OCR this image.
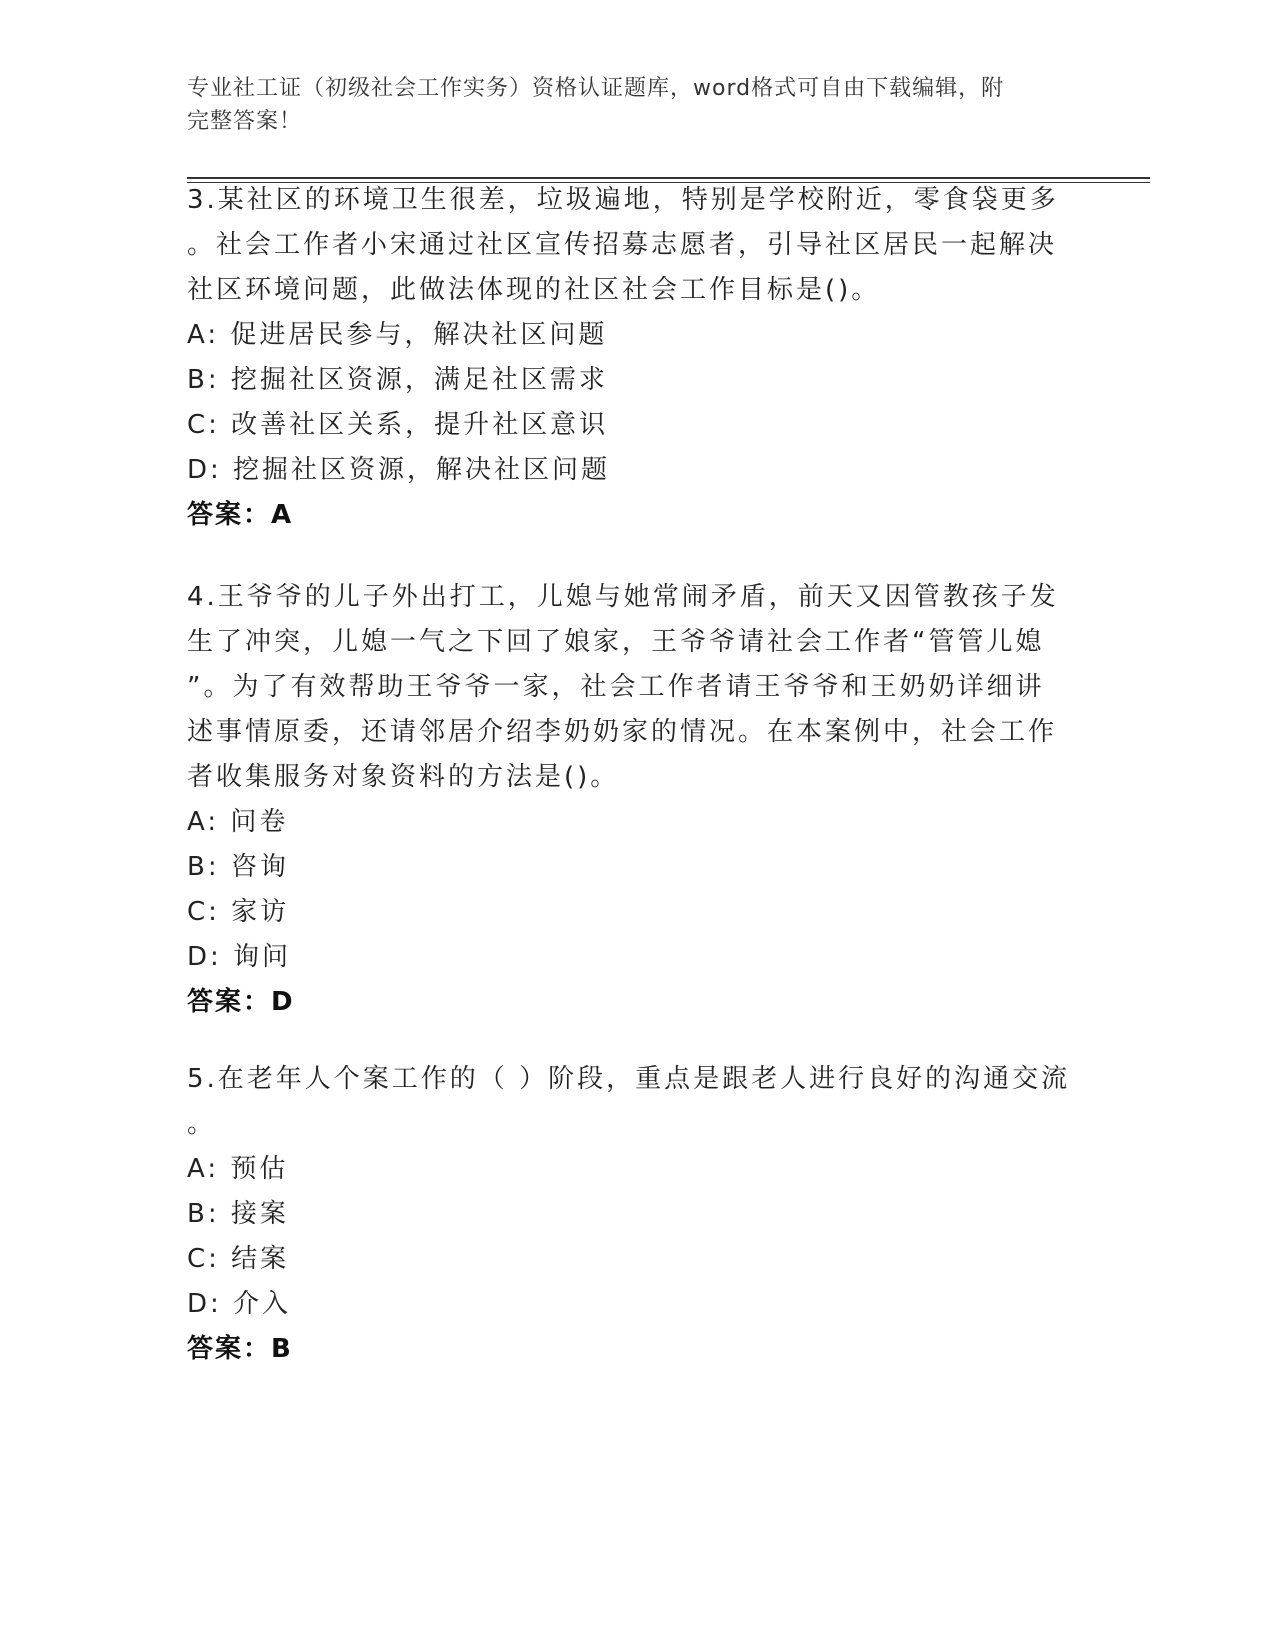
专业社工证（初级社会工作实务）资格认证题库，word格式可自由下载编辑，附
完整答案！

3.某社区的环境卫生很差，垃圾遍地，特别是学校附近，零食袋更多

。社会工作者小宋通过社区宣传招募志愿者，引导社区居民一起解决

社区环境问题，此做法体现的社区社会工作目标是()。

A: 促进居民参与，解决社区问题

B: 挖掘社区资源，满足社区需求

C: 改善社区关系，提升社区意识

D: 挖掘社区资源，解决社区问题

答案：A

4.王爷爷的儿子外出打工，儿媳与她常闹矛盾，前天又因管教孩子发

生了冲突，儿媳一气之下回了娘家，王爷爷请社会工作者“管管儿媳

”。为了有效帮助王爷爷一家，社会工作者请王爷爷和王奶奶详细讲

述事情原委，还请邻居介绍李奶奶家的情况。在本案例中，社会工作

者收集服务对象资料的方法是()。

A: 问卷

B: 咨询

C: 家访

D: 询问

答案：D

5.在老年人个案工作的（ ）阶段，重点是跟老人进行良好的沟通交流

。

A: 预估

B: 接案

C: 结案

D: 介入

答案：B
